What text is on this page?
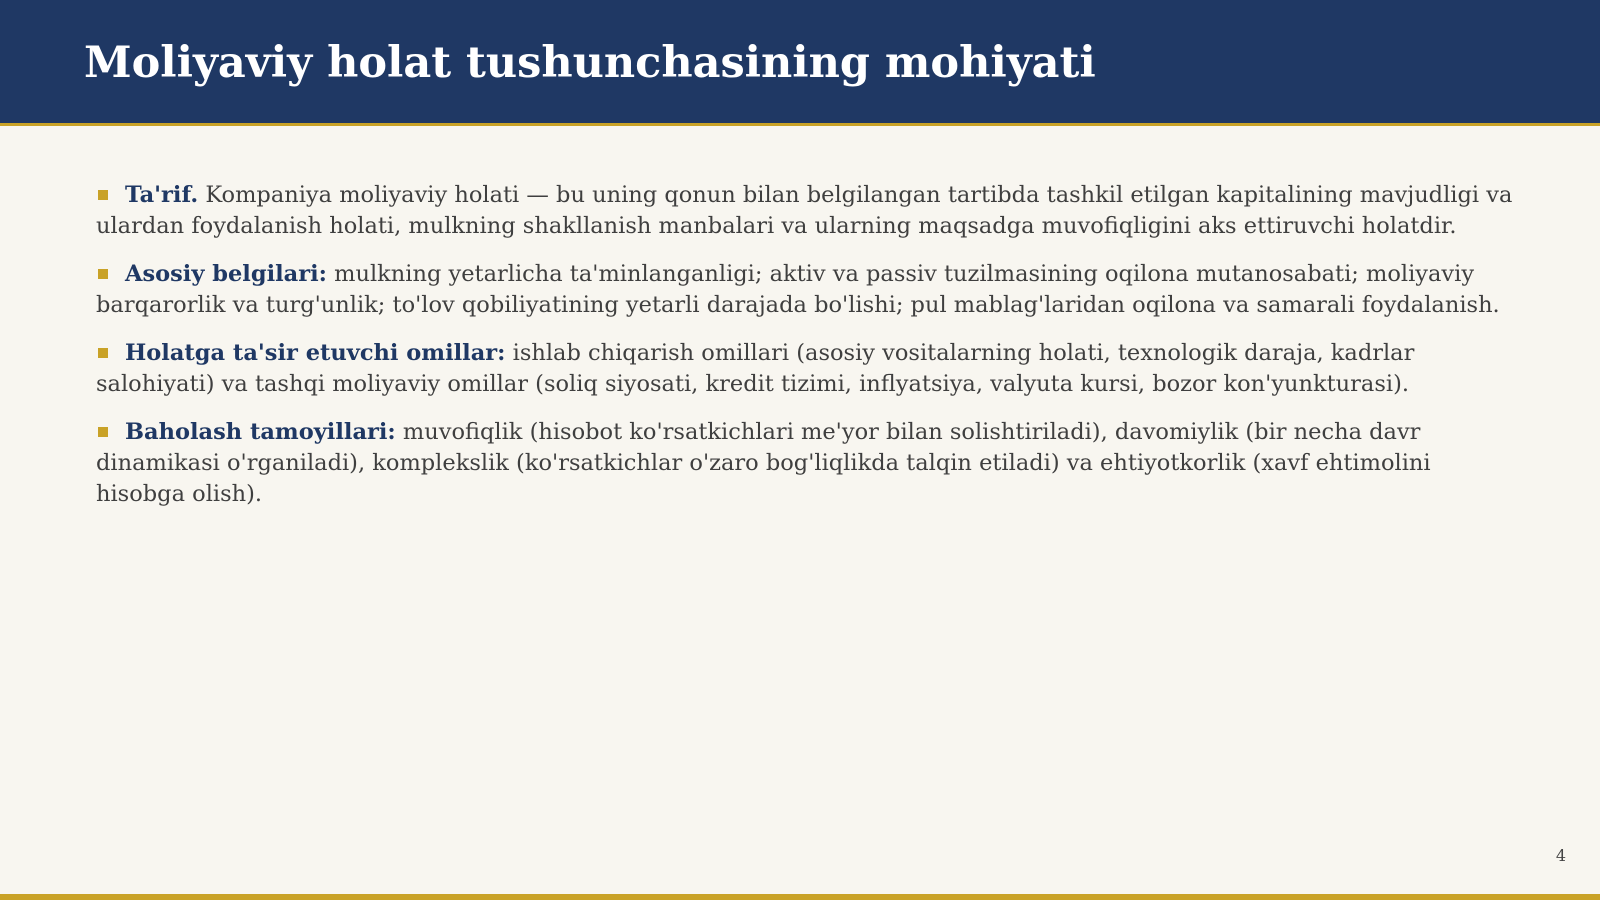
Moliyaviy holat tushunchasining mohiyati
Ta'rif. Kompaniya moliyaviy holati — bu uning qonun bilan belgilangan tartibda tashkil etilgan kapitalining mavjudligi va ulardan foydalanish holati, mulkning shakllanish manbalari va ularning maqsadga muvofiqligini aks ettiruvchi holatdir.
Asosiy belgilari: mulkning yetarlicha ta'minlanganligi; aktiv va passiv tuzilmasining oqilona mutanosabati; moliyaviy barqarorlik va turg'unlik; to'lov qobiliyatining yetarli darajada bo'lishi; pul mablag'laridan oqilona va samarali foydalanish.
Holatga ta'sir etuvchi omillar: ishlab chiqarish omillari (asosiy vositalarning holati, texnologik daraja, kadrlar salohiyati) va tashqi moliyaviy omillar (soliq siyosati, kredit tizimi, inflyatsiya, valyuta kursi, bozor kon'yunkturasi).
Baholash tamoyillari: muvofiqlik (hisobot ko'rsatkichlari me'yor bilan solishtiriladi), davomiylik (bir necha davr dinamikasi o'rganiladi), komplekslik (ko'rsatkichlar o'zaro bog'liqlikda talqin etiladi) va ehtiyotkorlik (xavf ehtimolini hisobga olish).
4
